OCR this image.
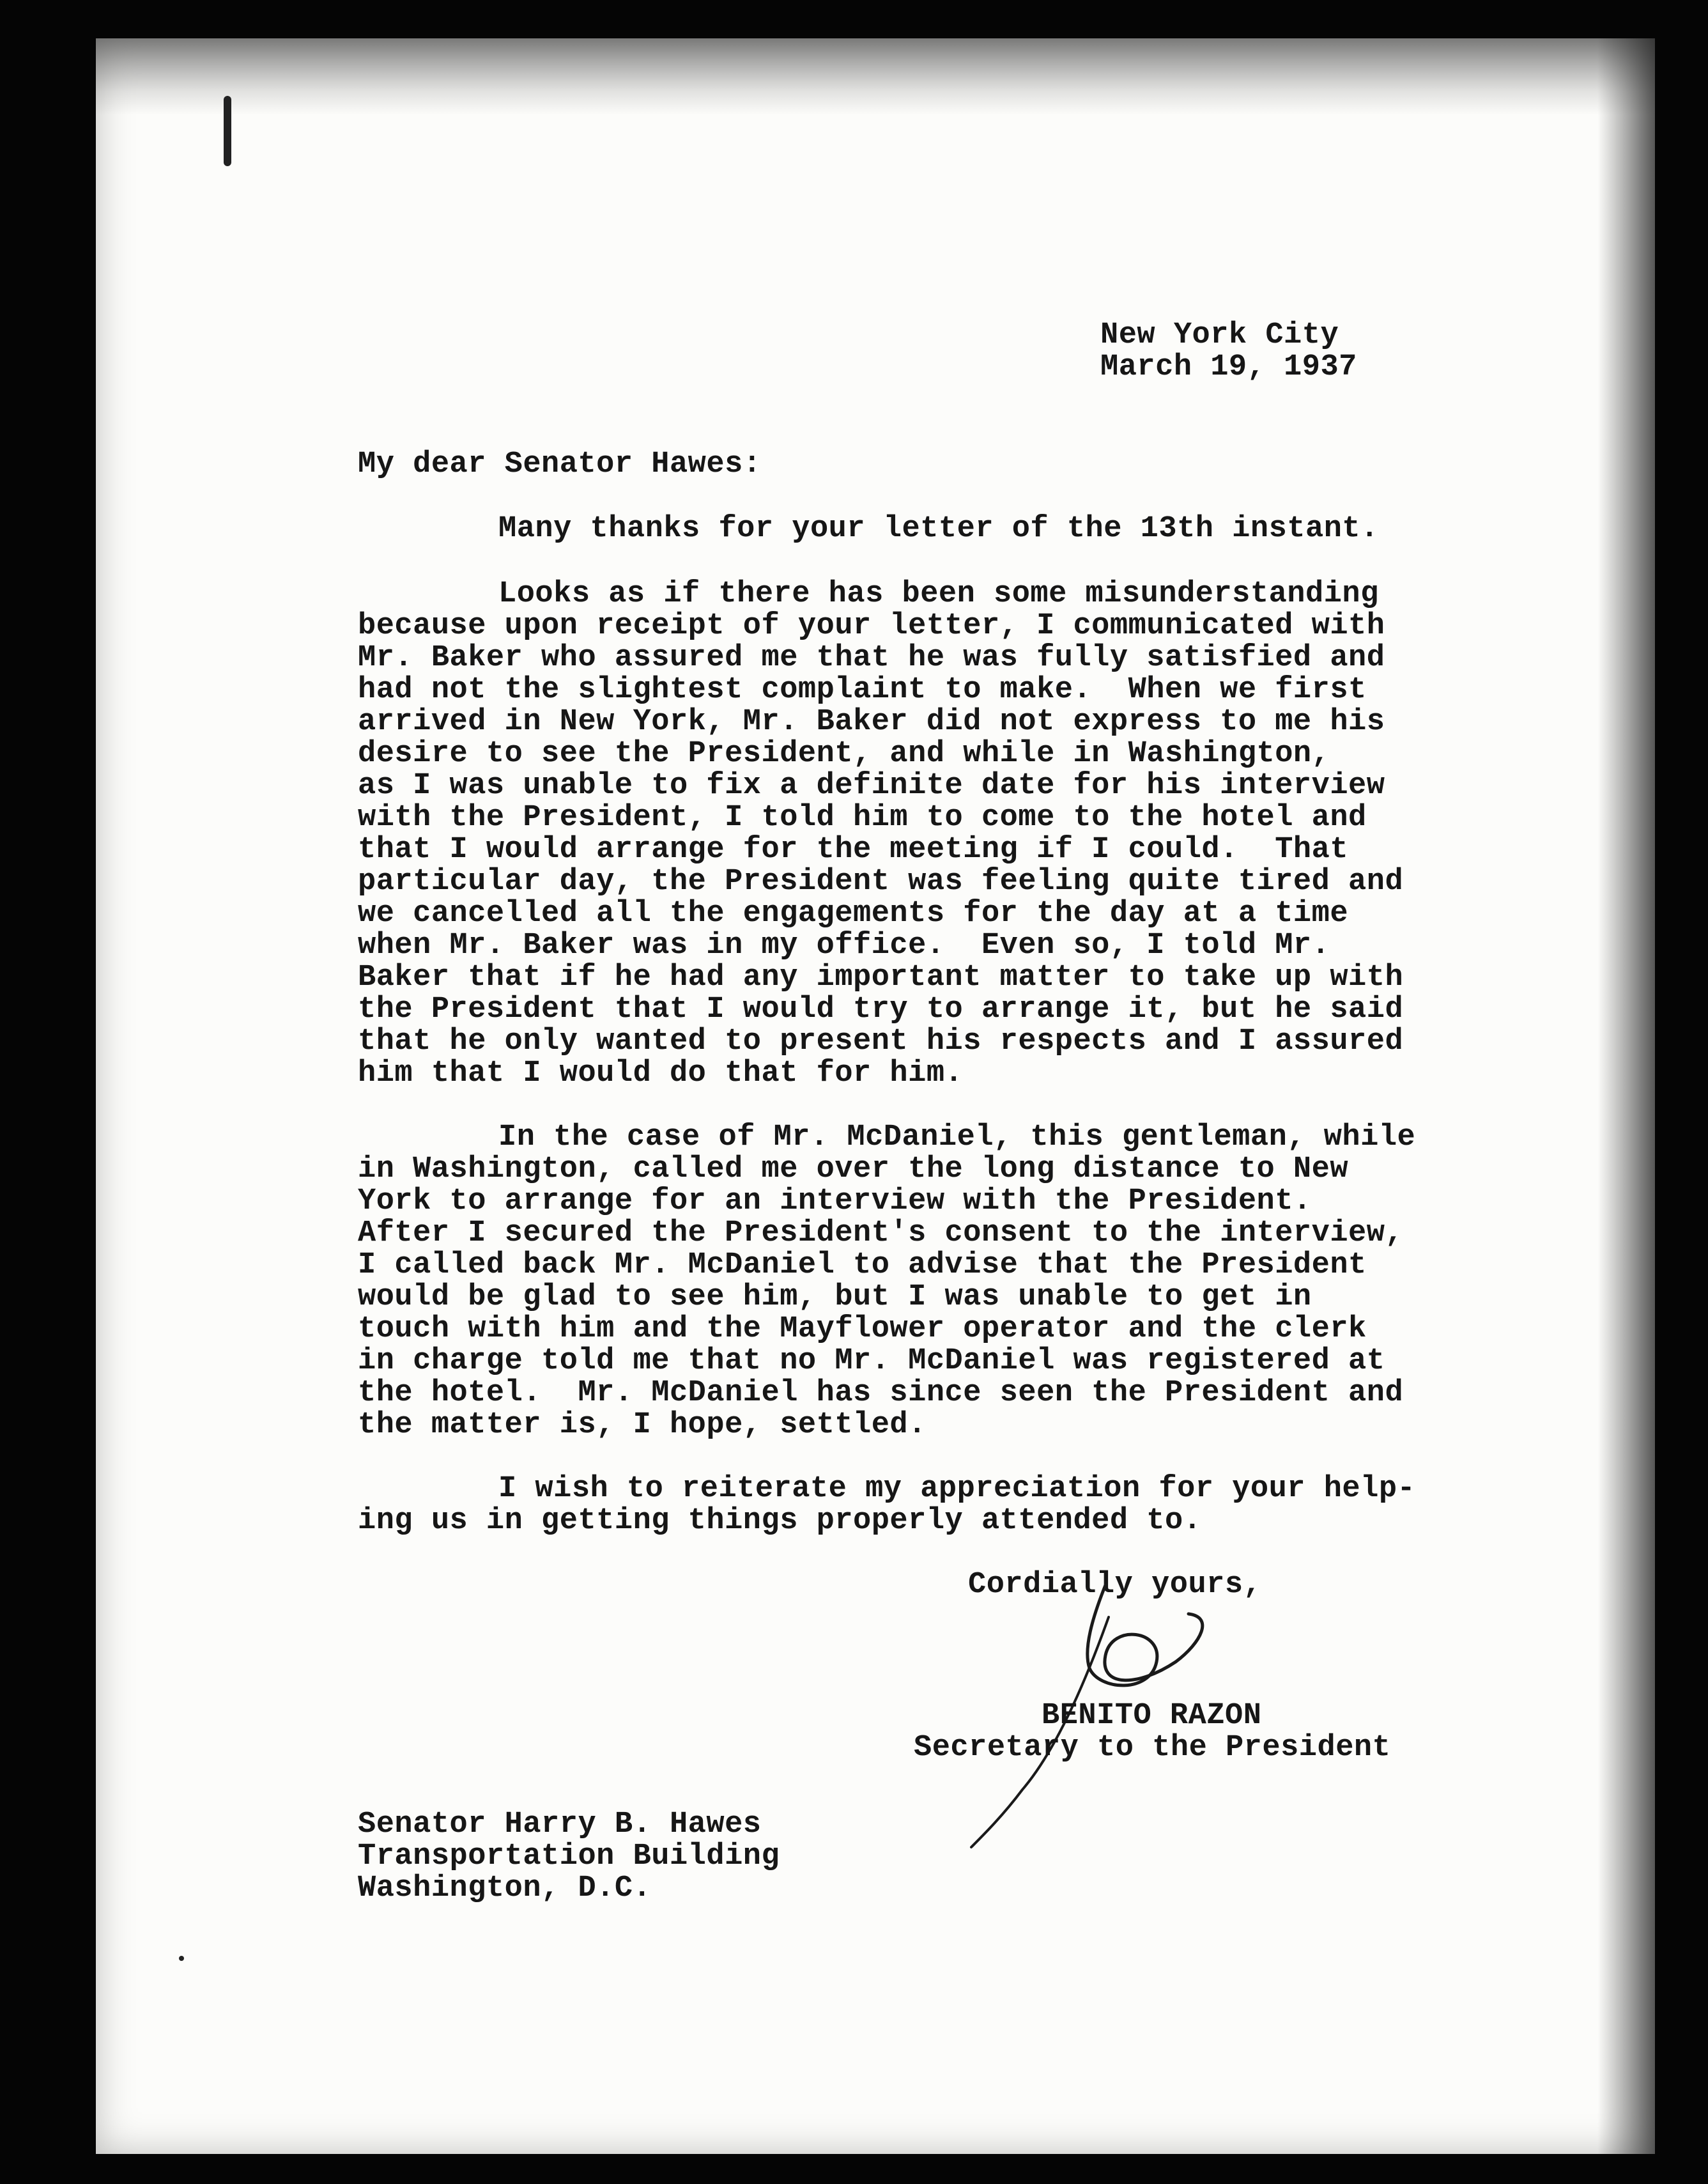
New York City

March 19, 1937

My dear Senator Hawes:

Many thanks for your letter of the 13th instant.

Looks as if there has been some misunderstanding

because upon receipt of your letter, I communicated with

Mr. Baker who assured me that he was fully satisfied and

had not the slightest complaint to make.  When we first

arrived in New York, Mr. Baker did not express to me his

desire to see the President, and while in Washington,

as I was unable to fix a definite date for his interview

with the President, I told him to come to the hotel and

that I would arrange for the meeting if I could.  That

particular day, the President was feeling quite tired and

we cancelled all the engagements for the day at a time

when Mr. Baker was in my office.  Even so, I told Mr.

Baker that if he had any important matter to take up with

the President that I would try to arrange it, but he said

that he only wanted to present his respects and I assured

him that I would do that for him.

In the case of Mr. McDaniel, this gentleman, while

in Washington, called me over the long distance to New

York to arrange for an interview with the President.

After I secured the President's consent to the interview,

I called back Mr. McDaniel to advise that the President

would be glad to see him, but I was unable to get in

touch with him and the Mayflower operator and the clerk

in charge told me that no Mr. McDaniel was registered at

the hotel.  Mr. McDaniel has since seen the President and

the matter is, I hope, settled.

I wish to reiterate my appreciation for your help-

ing us in getting things properly attended to.

Cordially yours,

BENITO RAZON

Secretary to the President

Senator Harry B. Hawes

Transportation Building

Washington, D.C.
